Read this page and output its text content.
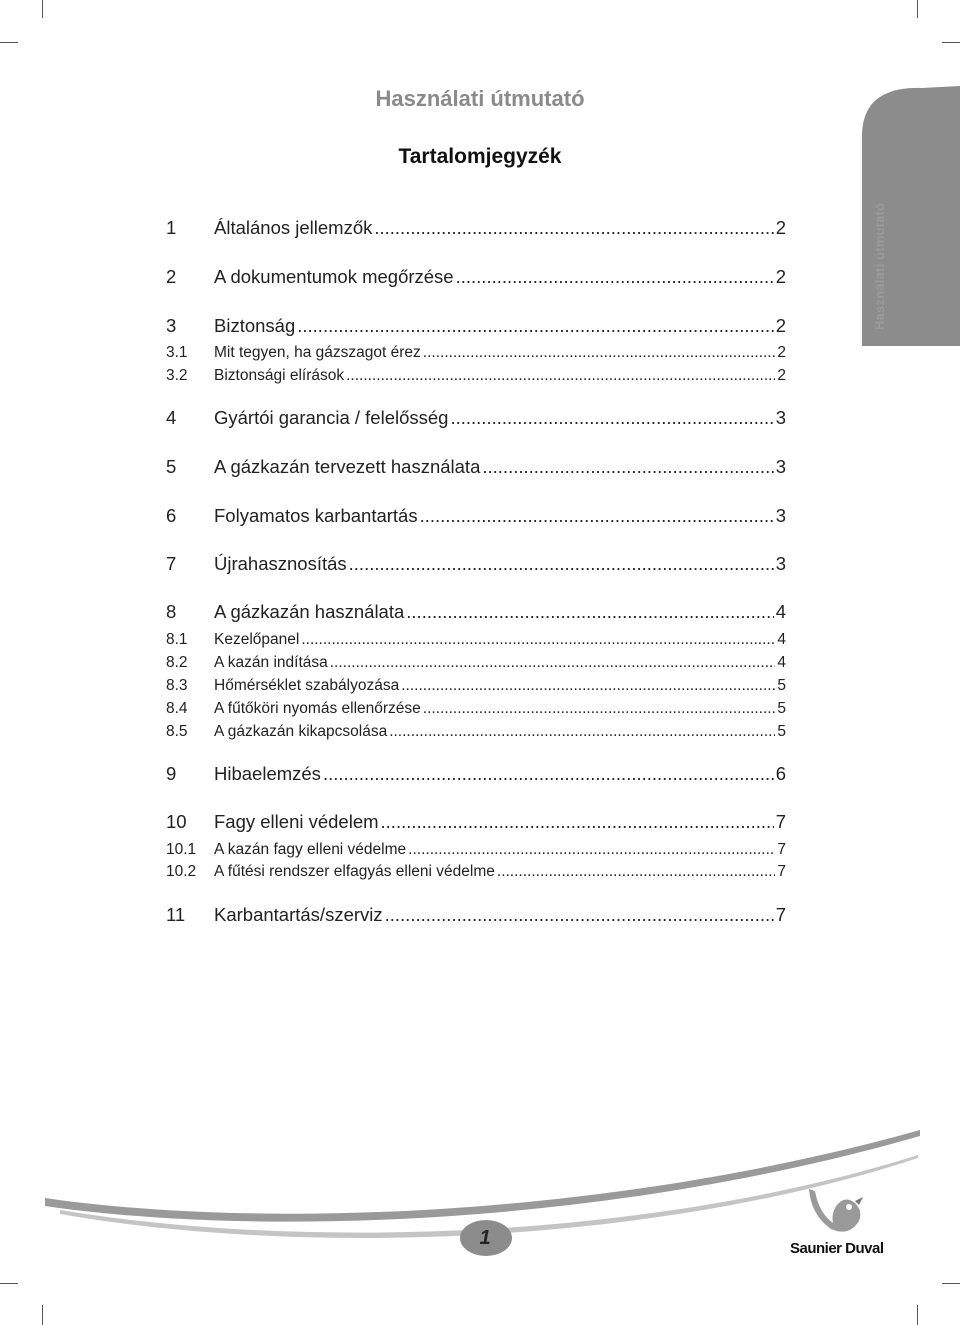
Használati útmutató
Használati útmutató
Tartalomjegyzék
1	Általános jellemzők .....	2
2	A dokumentumok megőrzése .....	2
3	Biztonság .....	2
3.1	Mit tegyen, ha gázszagot érez .....	2
3.2	Biztonsági elírások .....	2
4	Gyártói garancia / felelősség .....	3
5	A gázkazán tervezett használata .....	3
6	Folyamatos karbantartás .....	3
7	Újrahasznosítás .....	3
8	A gázkazán használata .....	4
8.1	Kezelőpanel .....	4
8.2	A kazán indítása .....	4
8.3	Hőmérséklet szabályozása .....	5
8.4	A fűtőköri nyomás ellenőrzése .....	5
8.5	A gázkazán kikapcsolása .....	5
9	Hibaelemzés .....	6
10	Fagy elleni védelem .....	7
10.1	A kazán fagy elleni védelme .....	7
10.2	A fűtési rendszer elfagyás elleni védelme .....	7
11	Karbantartás/szerviz .....	7
1	Saunier Duval
